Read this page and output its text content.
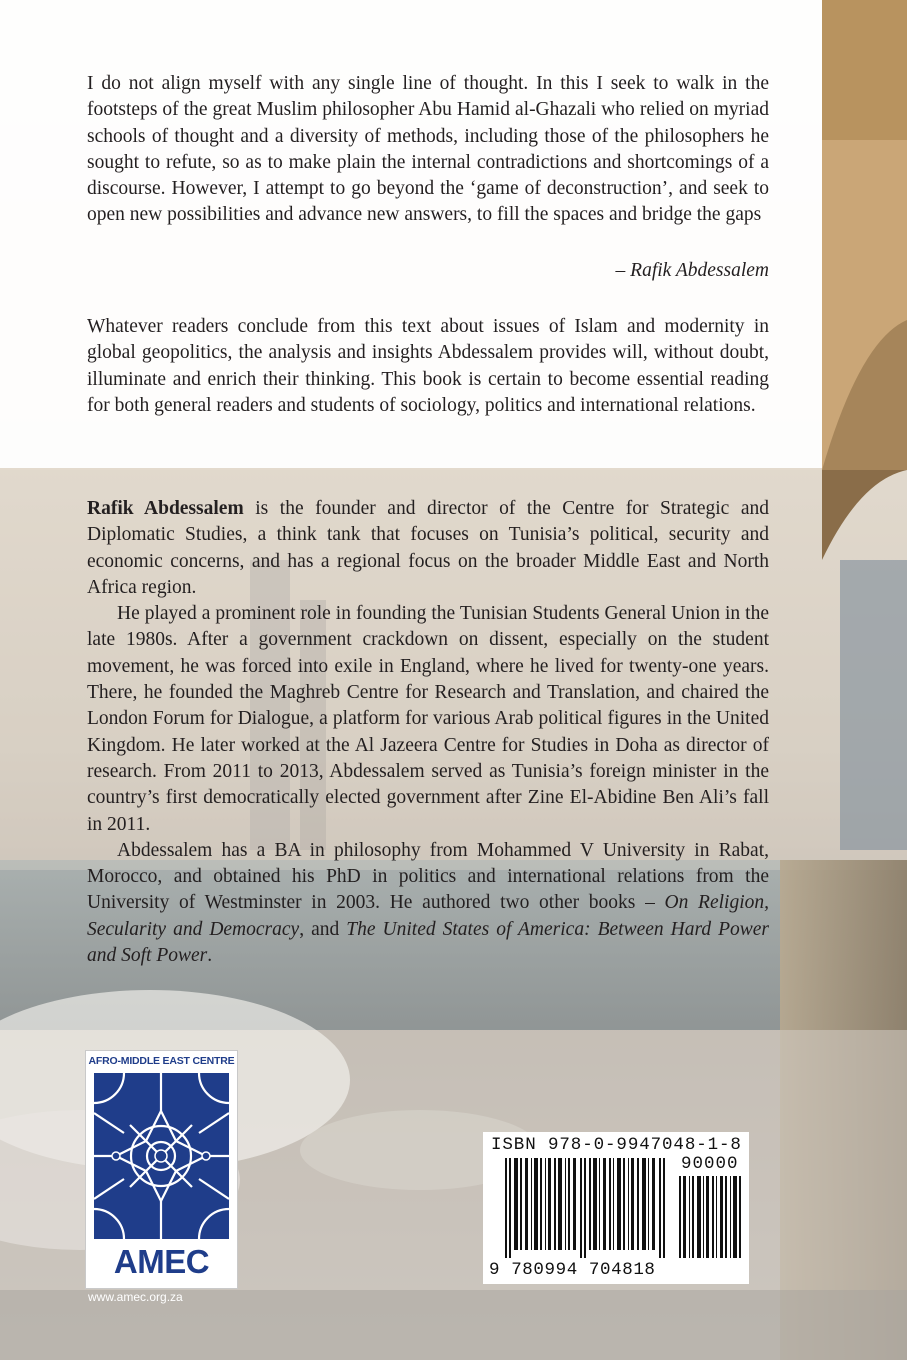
I do not align myself with any single line of thought. In this I seek to walk in the footsteps of the great Muslim philosopher Abu Hamid al-Ghazali who relied on myriad schools of thought and a diversity of methods, including those of the philosophers he sought to refute, so as to make plain the internal contradictions and shortcomings of a discourse. However, I attempt to go beyond the ‘game of deconstruction’, and seek to open new possibilities and advance new answers, to fill the spaces and bridge the gaps

– Rafik Abdessalem

Whatever readers conclude from this text about issues of Islam and modernity in global geopolitics, the analysis and insights Abdessalem provides will, without doubt, illuminate and enrich their thinking. This book is certain to become essential reading for both general readers and students of sociology, politics and international relations.

Rafik Abdessalem is the founder and director of the Centre for Strategic and Diplomatic Studies, a think tank that focuses on Tunisia’s political, security and economic concerns, and has a regional focus on the broader Middle East and North Africa region.

He played a prominent role in founding the Tunisian Students General Union in the late 1980s. After a government crackdown on dissent, especially on the student movement, he was forced into exile in England, where he lived for twenty-one years. There, he founded the Maghreb Centre for Research and Translation, and chaired the London Forum for Dialogue, a platform for various Arab political figures in the United Kingdom. He later worked at the Al Jazeera Centre for Studies in Doha as director of research. From 2011 to 2013, Abdessalem served as Tunisia’s foreign minister in the country’s first democratically elected government after Zine El-Abidine Ben Ali’s fall in 2011.

Abdessalem has a BA in philosophy from Mohammed V University in Rabat, Morocco, and obtained his PhD in politics and international relations from the University of Westminster in 2003. He authored two other books – On Religion, Secularity and Democracy, and The United States of America: Between Hard Power and Soft Power.

AFRO-MIDDLE EAST CENTRE
AMEC
www.amec.org.za
ISBN 978-0-9947048-1-8
90000
9 780994 704818
